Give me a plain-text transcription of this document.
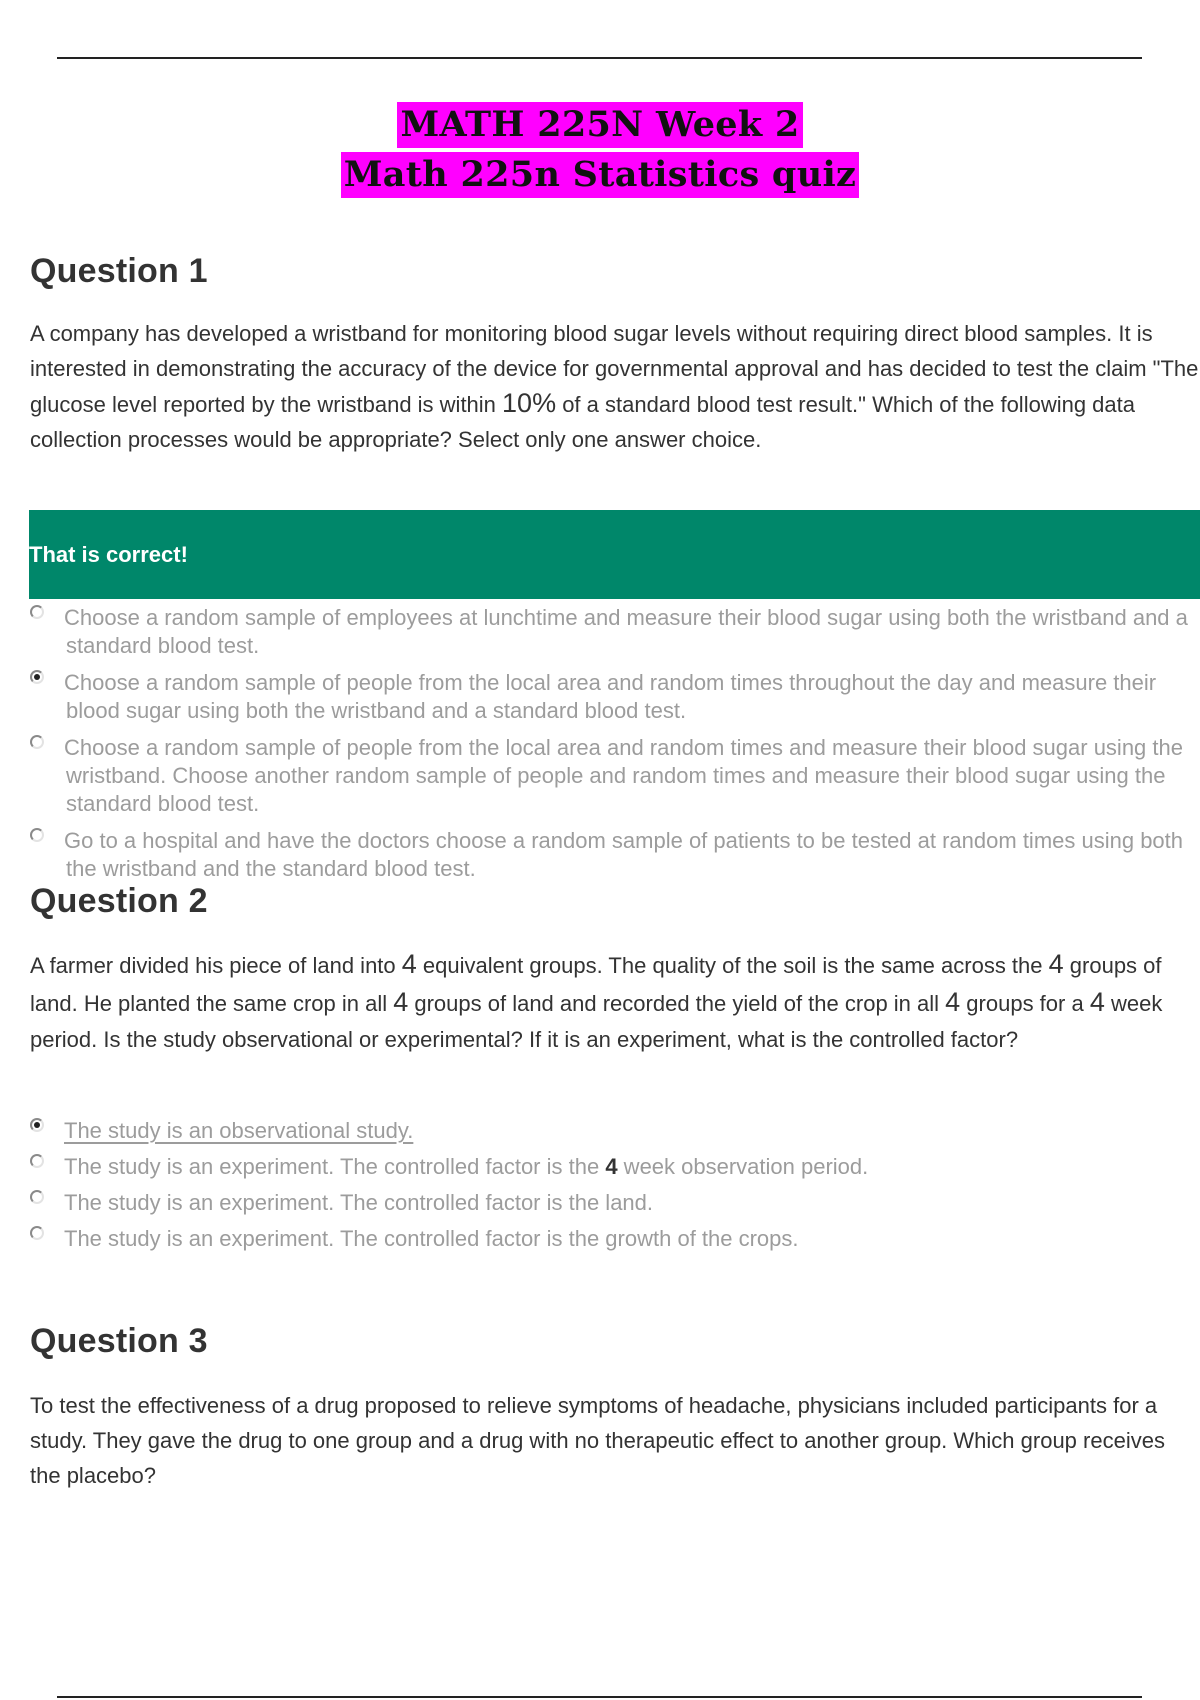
MATH 225N Week 2
Math 225n Statistics quiz
Question 1

A company has developed a wristband for monitoring blood sugar levels without requiring direct blood samples. It is interested in demonstrating the accuracy of the device for governmental approval and has decided to test the claim "The glucose level reported by the wristband is within 10% of a standard blood test result." Which of the following data collection processes would be appropriate? Select only one answer choice.

That is correct!
Choose a random sample of employees at lunchtime and measure their blood sugar using both the wristband and a standard blood test.
Choose a random sample of people from the local area and random times throughout the day and measure their blood sugar using both the wristband and a standard blood test.
Choose a random sample of people from the local area and random times and measure their blood sugar using the wristband. Choose another random sample of people and random times and measure their blood sugar using the standard blood test.
Go to a hospital and have the doctors choose a random sample of patients to be tested at random times using both the wristband and the standard blood test.
Question 2

A farmer divided his piece of land into 4 equivalent groups. The quality of the soil is the same across the 4 groups of land. He planted the same crop in all 4 groups of land and recorded the yield of the crop in all 4 groups for a 4 week period. Is the study observational or experimental? If it is an experiment, what is the controlled factor?

The study is an observational study.
The study is an experiment. The controlled factor is the 4 week observation period.
The study is an experiment. The controlled factor is the land.
The study is an experiment. The controlled factor is the growth of the crops.
Question 3

To test the effectiveness of a drug proposed to relieve symptoms of headache, physicians included participants for a study. They gave the drug to one group and a drug with no therapeutic effect to another group. Which group receives the placebo?
